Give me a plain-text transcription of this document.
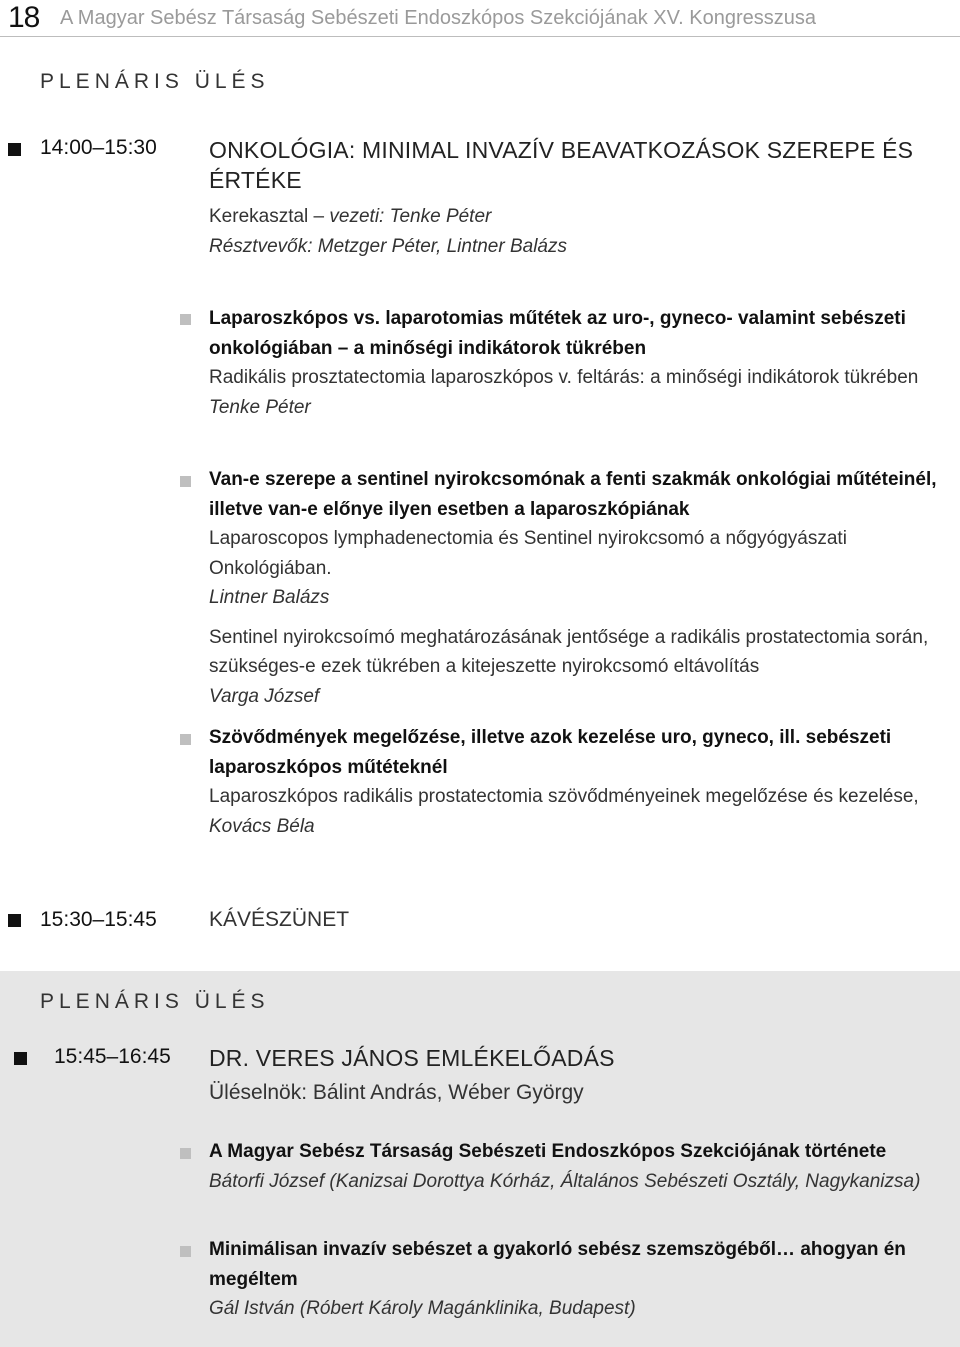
18 A Magyar Sebész Társaság Sebészeti Endoszkópos Szekciójának XV. Kongresszusa
PLENÁRIS ÜLÉS
14:00–15:30 ONKOLÓGIA: MINIMAL INVAZÍV BEAVATKOZÁSOK SZEREPE ÉS ÉRTÉKE
Kerekasztal – vezeti: Tenke Péter
Résztvevők: Metzger Péter, Lintner Balázs
Laparoszkópos vs. laparotomias műtétek az uro-, gyneco- valamint sebészeti onkológiában – a minőségi indikátorok tükrében
Radikális prosztatectomia laparoszkópos v. feltárás: a minőségi indikátorok tükrében
Tenke Péter
Van-e szerepe a sentinel nyirokcsomónak a fenti szakmák onkológiai műtéteinél, illetve van-e előnye ilyen esetben a laparoszkópiának
Laparoscopos lymphadenectomia és Sentinel nyirokcsomó a nőgyógyászati Onkológiában.
Lintner Balázs
Sentinel nyirokcsoímó meghatározásának jentősége a radikális prostatectomia során, szükséges-e ezek tükrében a kitejeszette nyirokcsomó eltávolítás
Varga József
Szövődmények megelőzése, illetve azok kezelése uro, gyneco, ill. sebészeti laparoszkópos műtéteknél
Laparoszkópos radikális prostatectomia szövődményeinek megelőzése és kezelése,
Kovács Béla
15:30–15:45 KÁVÉSZÜNET
PLENÁRIS ÜLÉS
15:45–16:45 DR. VERES JÁNOS EMLÉKELŐADÁS
Üléselnök: Bálint András, Wéber György
A Magyar Sebész Társaság Sebészeti Endoszkópos Szekciójának története
Bátorfi József (Kanizsai Dorottya Kórház, Általános Sebészeti Osztály, Nagykanizsa)
Minimálisan invazív sebészet a gyakorló sebész szemszögéből… ahogyan én megéltem
Gál István (Róbert Károly Magánklinika, Budapest)
